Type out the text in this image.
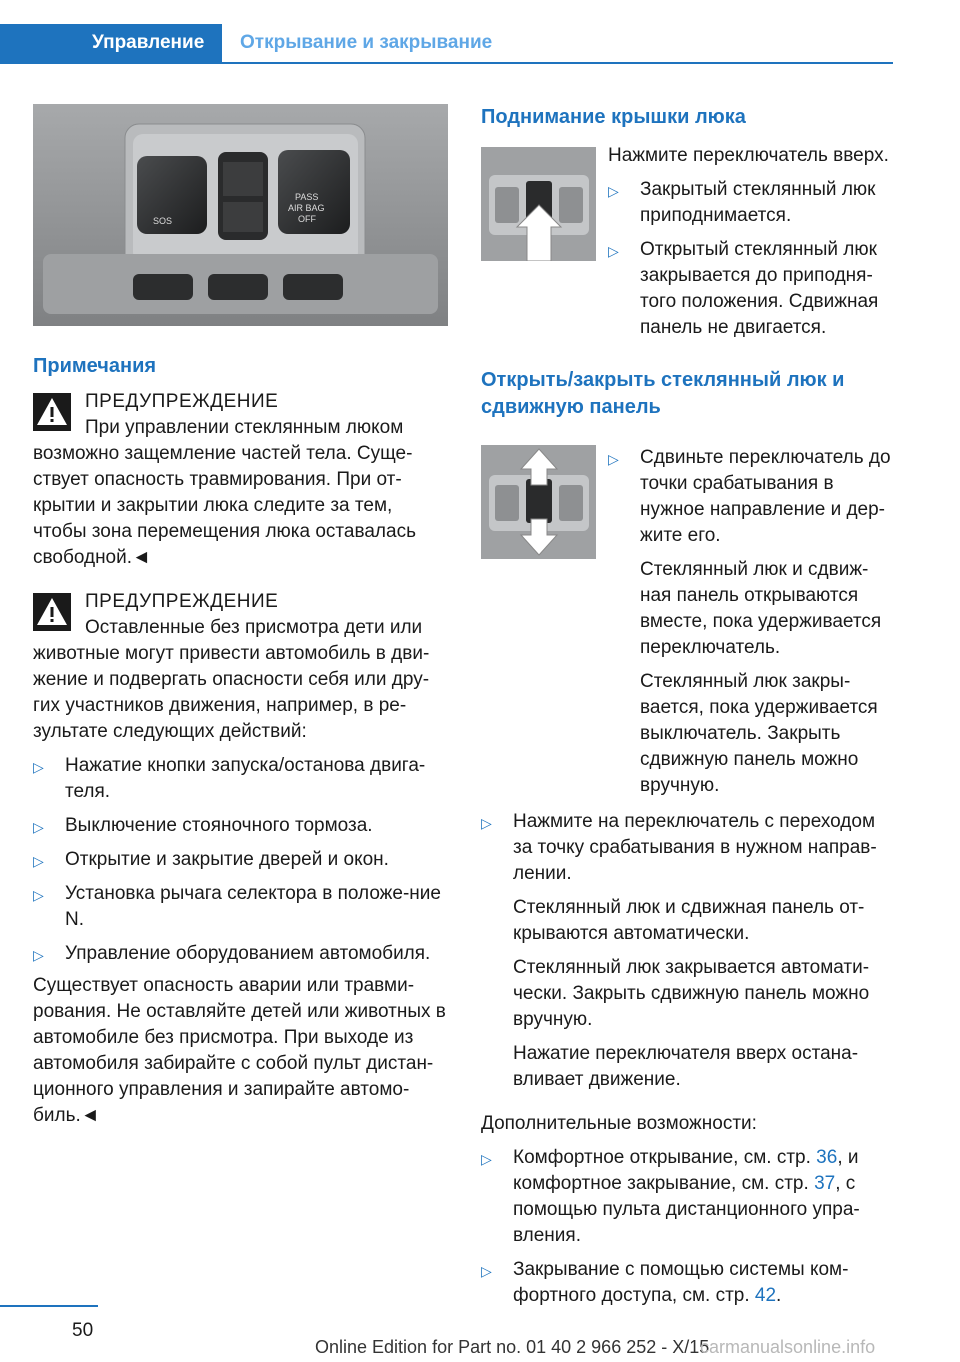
Управление	Открывание и закрывание
SOS
PASS
AIR BAG
OFF
Примечания

ПРЕДУПРЕЖДЕНИЕ

При управлении стеклянным люком

возможно защемление частей тела. Суще‐ствует опасность травмирования. При от‐крытии и закрытии люка следите за тем, чтобы зона перемещения люка оставалась свободной.◄

ПРЕДУПРЕЖДЕНИЕ

Оставленные без присмотра дети или

животные могут привести автомобиль в дви‐жение и подвергать опасности себя или дру‐гих участников движения, например, в ре‐зультате следующих действий:

▷ Нажатие кнопки запуска/останова двига‐теля.
▷ Выключение стояночного тормоза.
▷ Открытие и закрытие дверей и окон.
▷ Установка рычага селектора в положе‐ние N.
▷ Управление оборудованием автомобиля.

Существует опасность аварии или травми‐рования. Не оставляйте детей или животных в автомобиле без присмотра. При выходе из автомобиля забирайте с собой пульт дистан‐ционного управления и запирайте автомо‐биль.◄

Поднимание крышки люка

Нажмите переключатель вверх.

▷ Закрытый стеклянный люк приподнимается.
▷ Открытый стеклянный люк закрывается до приподня‐того положения. Сдвижная панель не двигается.
Открыть/закрыть стеклянный люк и сдвижную панель
▷ Сдвиньте переключатель до точки срабатывания в нужное направление и дер‐жите его.

Стеклянный люк и сдвиж‐ная панель открываются вместе, пока удерживается переключатель.

Стеклянный люк закры‐вается, пока удерживается выключатель. Закрыть сдвижную панель можно вручную.

▷ Нажмите на переключатель с переходом за точку срабатывания в нужном направ‐лении.

Стеклянный люк и сдвижная панель от‐крываются автоматически.

Стеклянный люк закрывается автомати‐чески. Закрыть сдвижную панель можно вручную.

Нажатие переключателя вверх остана‐вливает движение.

Дополнительные возможности:

▷ Комфортное открывание, см. стр. 36, и комфортное закрывание, см. стр. 37, с помощью пульта дистанционного упра‐вления.
▷ Закрывание с помощью системы ком‐фортного доступа, см. стр. 42.
50
Online Edition for Part no. 01 40 2 966 252 - X/15
carmanualsonline.info
